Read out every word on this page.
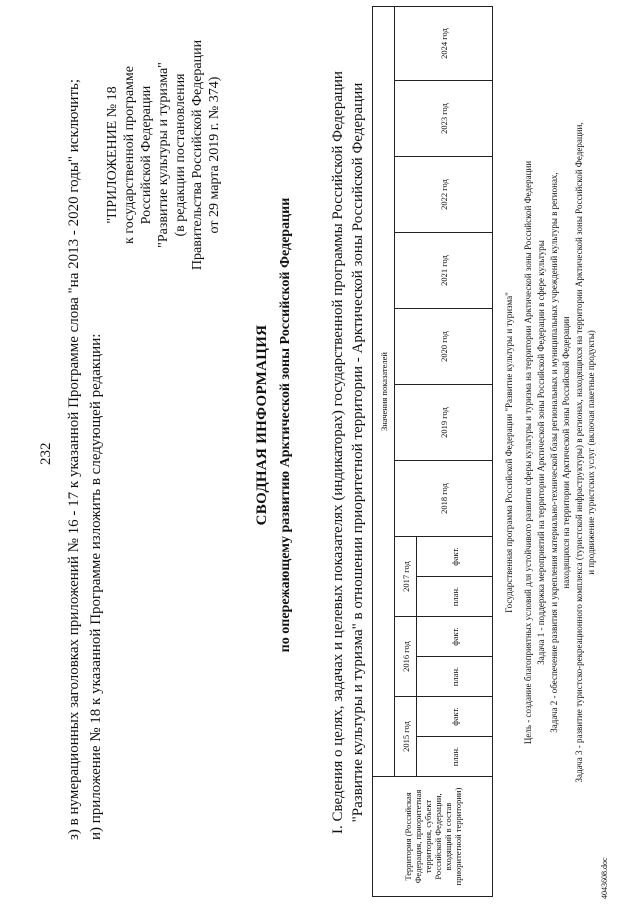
232 з) в нумерационных заголовках приложений № 16 - 17 к указанной Программе слова "на 2013 - 2020 годы" исключить; и) приложение № 18 к указанной Программе изложить в следующей редакции:
"ПРИЛОЖЕНИЕ № 18 к государственной программе Российской Федерации "Развитие культуры и туризма" (в редакции постановления Правительства Российской Федерации от 29 марта 2019 г. № 374)
СВОДНАЯ ИНФОРМАЦИЯ по опережающему развитию Арктической зоны Российской Федерации I. Сведения о целях, задачах и целевых показателях (индикаторах) государственной программы Российской Федерации "Развитие культуры и туризма" в отношении приоритетной территории - Арктической зоны Российской Федерации
Территория (Российская Федерация, приоритетная территория, субъект Российской Федерации, входящий в состав приоритетной территории)
Значения показателей
2015 год
2016 год
2017 год
план.
факт.
план.
факт.
план.
факт.
2018 год
2019 год
2020 год
2021 год
2022 год
2023 год
2024 год
Государственная программа Российской Федерации "Развитие культуры и туризма" Цель - создание благоприятных условий для устойчивого развития сферы культуры и туризма на территории Арктической зоны Российской Федерации Задача 1 - поддержка мероприятий на территории Арктической зоны Российской Федерации в сфере культуры Задача 2 - обеспечение развития и укрепления материально-технической базы региональных и муниципальных учреждений культуры в регионах, находящихся на территории Арктической зоны Российской Федерации Задача 3 - развитие туристско-рекреационного комплекса (туристской инфраструктуры) в регионах, находящихся на территории Арктической зоны Российской Федерации, и продвижение туристских услуг (включая пакетные продукты)
4043608.doc
